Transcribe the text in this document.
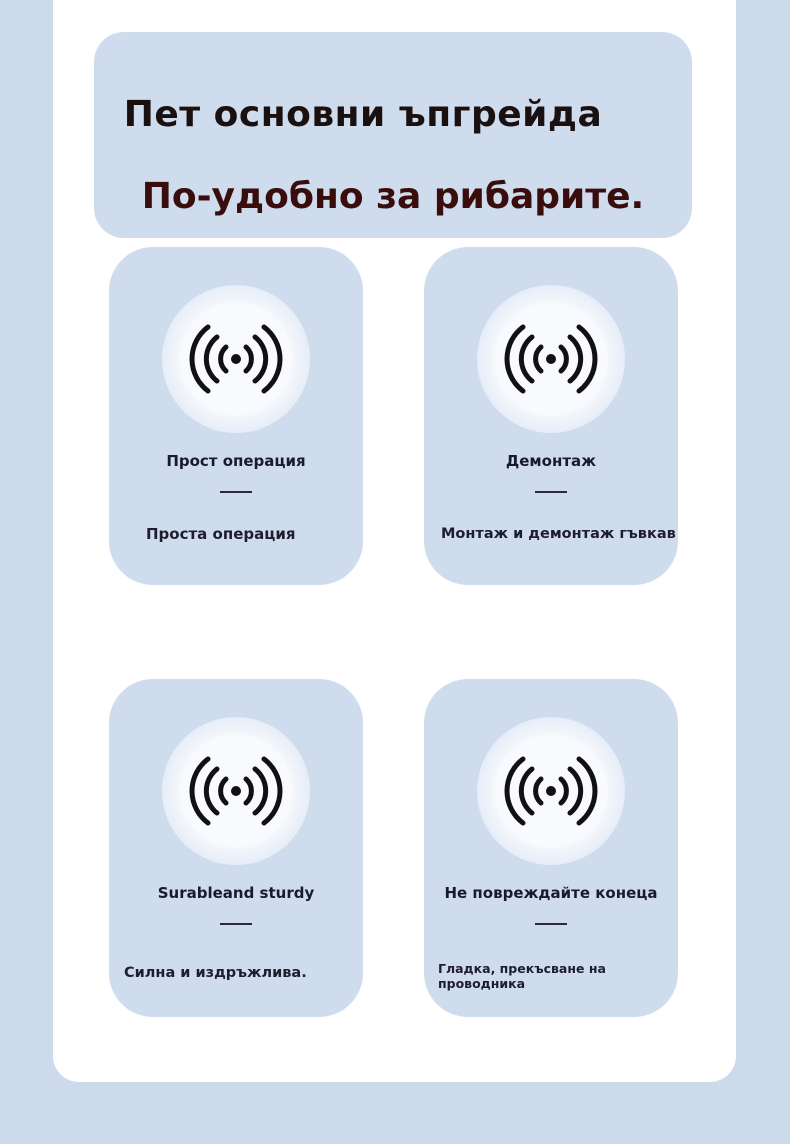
Пет основни ъпгрейда
По-удобно за рибарите.
Прост операция
Проста операция
Демонтаж
Монтаж и демонтаж гъвкав
Surableand sturdy
Силна и издръжлива.
Не повреждайте конеца
Гладка, прекъсване на проводника
